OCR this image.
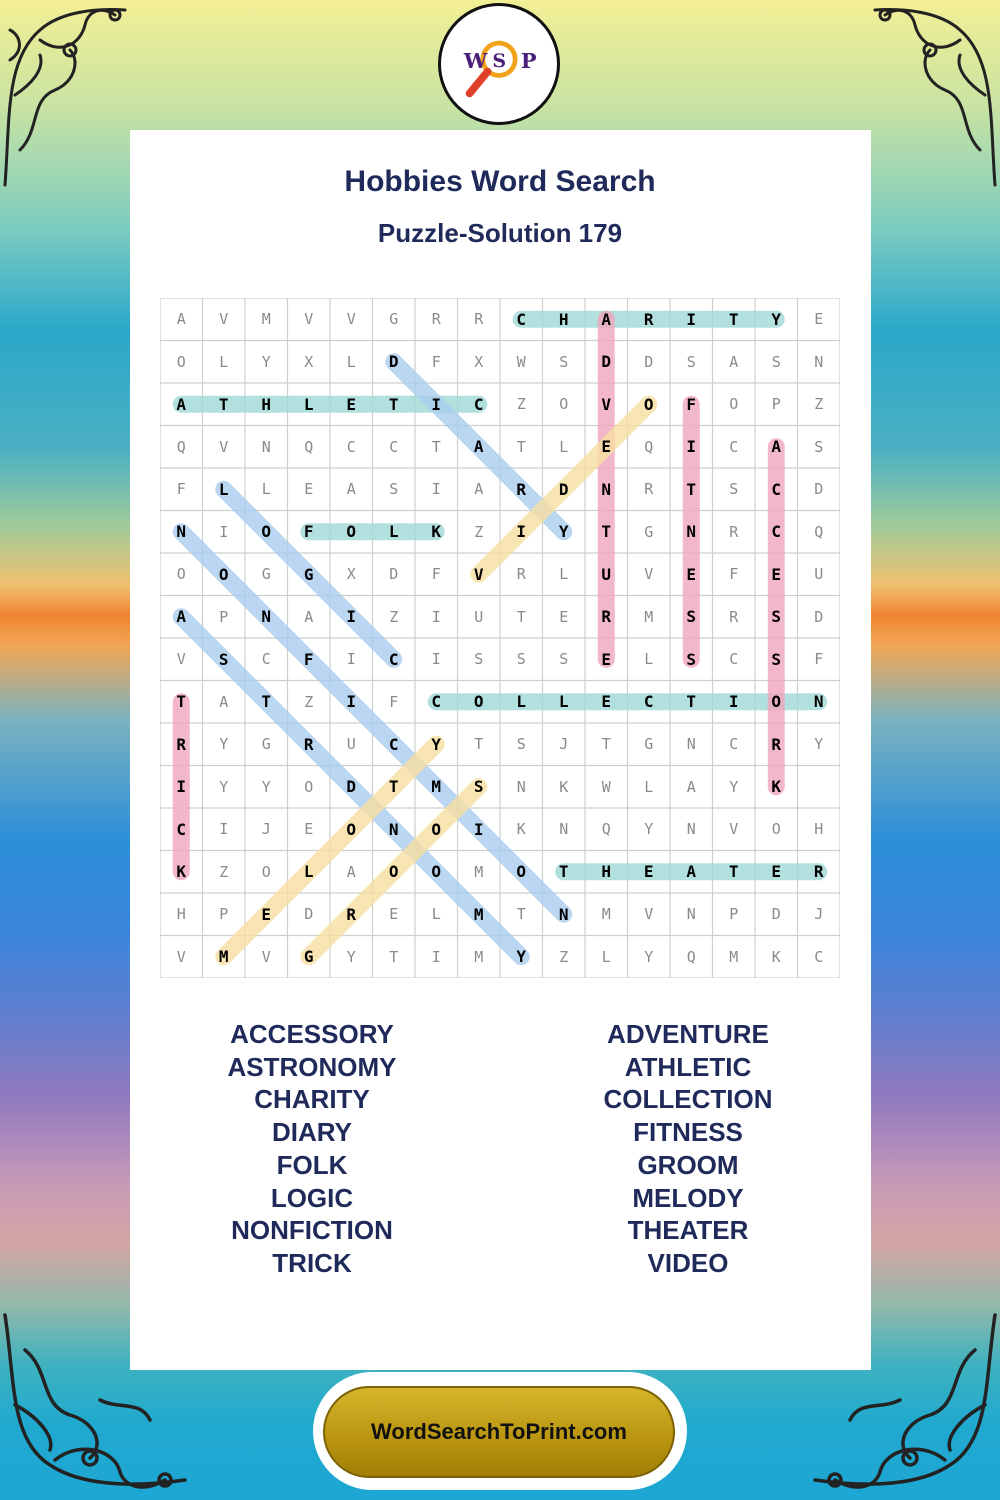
W S P
Hobbies Word Search
Puzzle-Solution 179
A	V	M	V	V	G	R	R	C	H	A	R	I	T	Y	E
O	L	Y	X	L	D	F	X	W	S	D	D	S	A	S	N
A	T	H	L	E	T	I	C	Z	O	V	O	F	O	P	Z
Q	V	N	Q	C	C	T	A	T	L	E	Q	I	C	A	S
F	L	L	E	A	S	I	A	R	D	N	R	T	S	C	D
N	I	O	F	O	L	K	Z	I	Y	T	G	N	R	C	Q
O	O	G	G	X	D	F	V	R	L	U	V	E	F	E	U
A	P	N	A	I	Z	I	U	T	E	R	M	S	R	S	D
V	S	C	F	I	C	I	S	S	S	E	L	S	C	S	F
T	A	T	Z	I	F	C	O	L	L	E	C	T	I	O	N
R	Y	G	R	U	C	Y	T	S	J	T	G	N	C	R	Y
I	Y	Y	O	D	T	M	S	N	K	W	L	A	Y	K
C	I	J	E	O	N	O	I	K	N	Q	Y	N	V	O	H
K	Z	O	L	A	O	O	M	O	T	H	E	A	T	E	R
H	P	E	D	R	E	L	M	T	N	M	V	N	P	D	J
V	M	V	G	Y	T	I	M	Y	Z	L	Y	Q	M	K	C
ACCESSORY
ASTRONOMY
CHARITY
DIARY
FOLK
LOGIC
NONFICTION
TRICK
ADVENTURE
ATHLETIC
COLLECTION
FITNESS
GROOM
MELODY
THEATER
VIDEO
WordSearchToPrint.com
